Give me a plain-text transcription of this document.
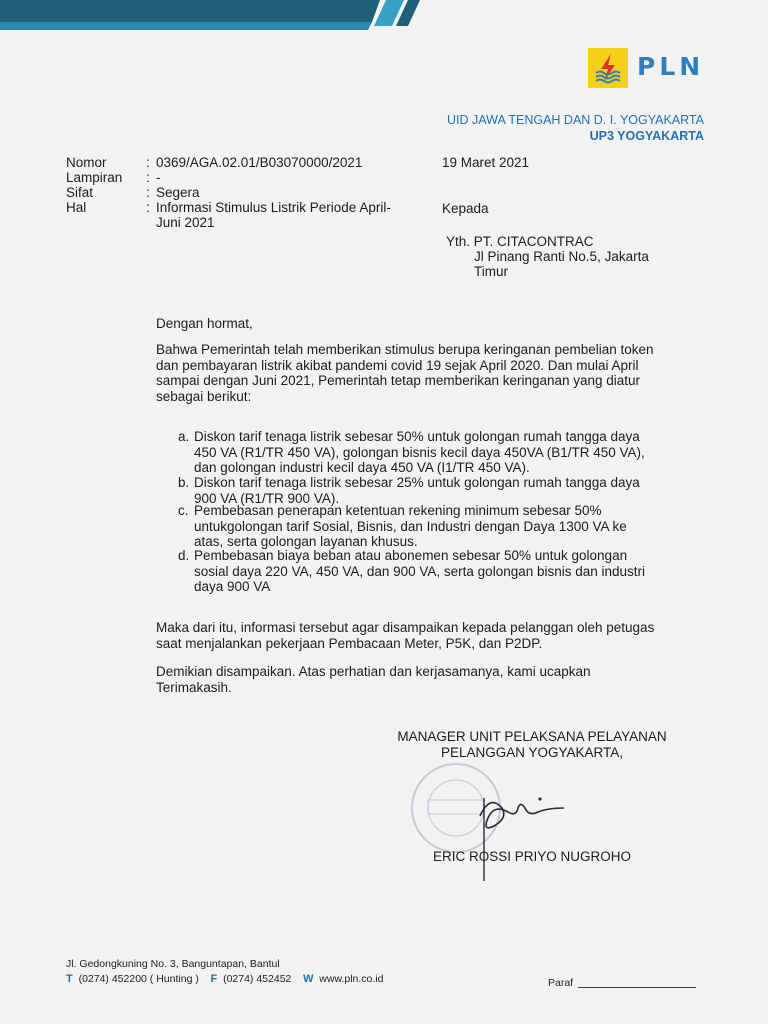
PLN
UID JAWA TENGAH DAN D. I. YOGYAKARTA
UP3 YOGYAKARTA
Nomor	: 0369/AGA.02.01/B03070000/2021
Lampiran : -
Sifat	: Segera
Hal	: Informasi Stimulus Listrik Periode April-
Juni 2021
19 Maret 2021
Kepada
Yth. PT. CITACONTRAC
Jl Pinang Ranti No.5, Jakarta
Timur
Dengan hormat,
Bahwa Pemerintah telah memberikan stimulus berupa keringanan pembelian token
dan pembayaran listrik akibat pandemi covid 19 sejak April 2020. Dan mulai April
sampai dengan Juni 2021, Pemerintah tetap memberikan keringanan yang diatur
sebagai berikut:
a. Diskon tarif tenaga listrik sebesar 50% untuk golongan rumah tangga daya
450 VA (R1/TR 450 VA), golongan bisnis kecil daya 450VA (B1/TR 450 VA),
dan golongan industri kecil daya 450 VA (I1/TR 450 VA).
b. Diskon tarif tenaga listrik sebesar 25% untuk golongan rumah tangga daya
900 VA (R1/TR 900 VA).
c. Pembebasan penerapan ketentuan rekening minimum sebesar 50%
untukgolongan tarif Sosial, Bisnis, dan Industri dengan Daya 1300 VA ke
atas, serta golongan layanan khusus.
d. Pembebasan biaya beban atau abonemen sebesar 50% untuk golongan
sosial daya 220 VA, 450 VA, dan 900 VA, serta golongan bisnis dan industri
daya 900 VA
Maka dari itu, informasi tersebut agar disampaikan kepada pelanggan oleh petugas
saat menjalankan pekerjaan Pembacaan Meter, P5K, dan P2DP.
Demikian disampaikan. Atas perhatian dan kerjasamanya, kami ucapkan
Terimakasih.
MANAGER UNIT PELAKSANA PELAYANAN
PELANGGAN YOGYAKARTA,
ERIC ROSSI PRIYO NUGROHO
Jl. Gedongkuning No. 3, Banguntapan, Bantul
T (0274) 452200 ( Hunting ) F (0274) 452452 W www.pln.co.id	Paraf
